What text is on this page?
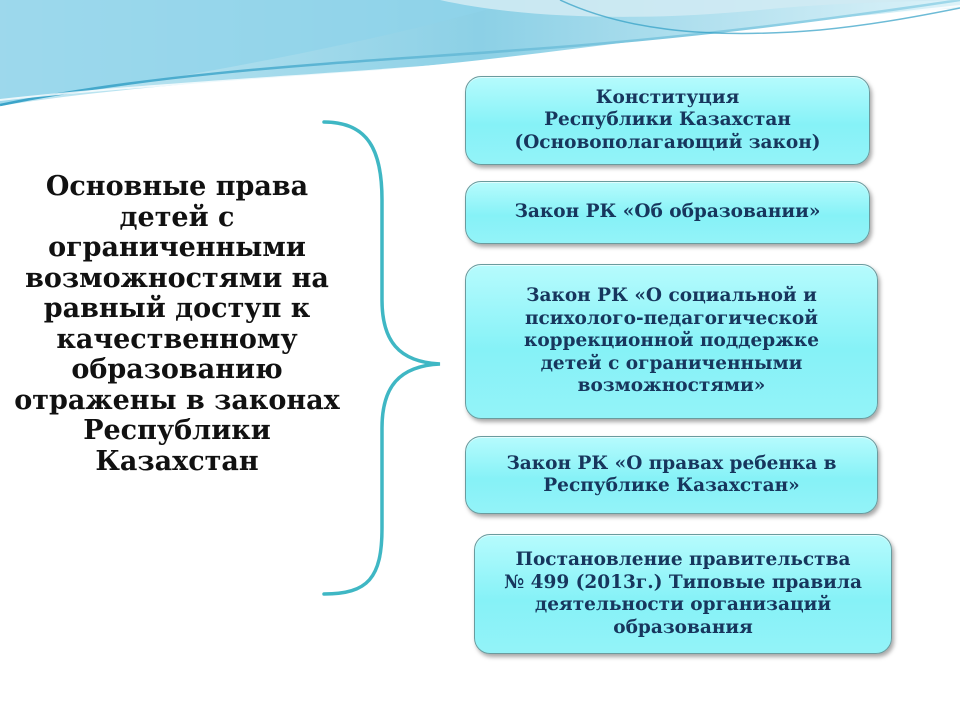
Основные права
детей с
ограниченными
возможностями на
равный доступ к
качественному
образованию
отражены в законах
Республики
Казахстан
Конституция
Республики Казахстан
(Основополагающий закон)
Закон РК «Об образовании»
Закон РК «О социальной и
психолого-педагогической
коррекционной поддержке
детей с ограниченными
возможностями»
Закон РК «О правах ребенка в
Республике Казахстан»
Постановление правительства
№ 499 (2013г.) Типовые правила
деятельности организаций
образования
